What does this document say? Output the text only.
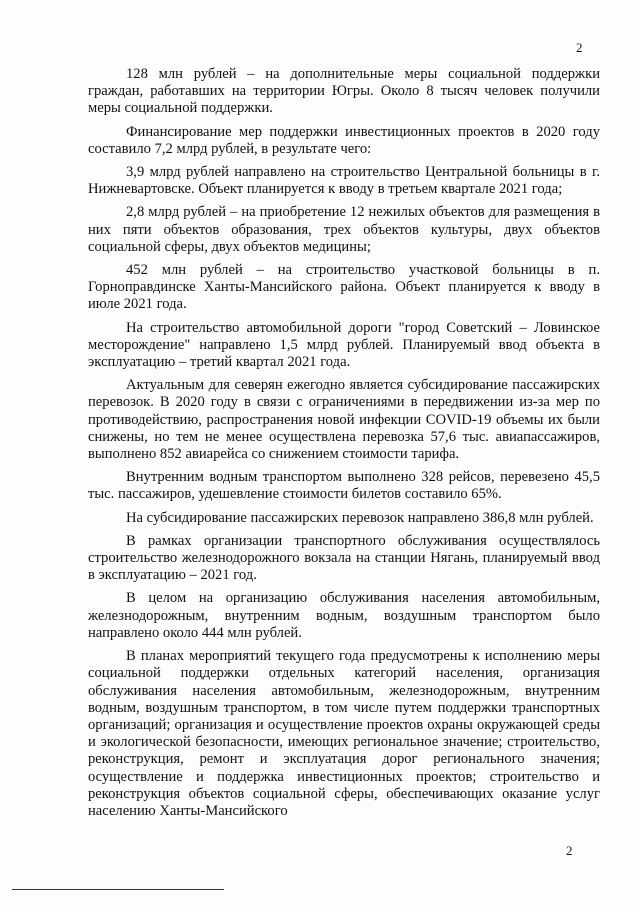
2

128 млн рублей – на дополнительные меры социальной поддержки граждан, работавших на территории Югры. Около 8 тысяч человек получили меры социальной поддержки.

Финансирование мер поддержки инвестиционных проектов в 2020 году составило 7,2 млрд рублей, в результате чего:

3,9 млрд рублей направлено на строительство Центральной больницы в г. Нижневартовске. Объект планируется к вводу в третьем квартале 2021 года;

2,8 млрд рублей – на приобретение 12 нежилых объектов для размещения в них пяти объектов образования, трех объектов культуры, двух объектов социальной сферы, двух объектов медицины;

452 млн рублей – на строительство участковой больницы в п. Горноправдинске Ханты-Мансийского района. Объект планируется к вводу в июле 2021 года.

На строительство автомобильной дороги "город Советский – Ловинское месторождение" направлено 1,5 млрд рублей. Планируемый ввод объекта в эксплуатацию – третий квартал 2021 года.

Актуальным для северян ежегодно является субсидирование пассажирских перевозок. В 2020 году в связи с ограничениями в передвижении из-за мер по противодействию, распространения новой инфекции COVID-19 объемы их были снижены, но тем не менее осуществлена перевозка 57,6 тыс. авиапассажиров, выполнено 852 авиарейса со снижением стоимости тарифа.

Внутренним водным транспортом выполнено 328 рейсов, перевезено 45,5 тыс. пассажиров, удешевление стоимости билетов составило 65%.

На субсидирование пассажирских перевозок направлено 386,8 млн рублей.

В рамках организации транспортного обслуживания осуществлялось строительство железнодорожного вокзала на станции Нягань, планируемый ввод в эксплуатацию – 2021 год.

В целом на организацию обслуживания населения автомобильным, железнодорожным, внутренним водным, воздушным транспортом было направлено около 444 млн рублей.

В планах мероприятий текущего года предусмотрены к исполнению меры социальной поддержки отдельных категорий населения, организация обслуживания населения автомобильным, железнодорожным, внутренним водным, воздушным транспортом, в том числе путем поддержки транспортных организаций; организация и осуществление проектов охраны окружающей среды и экологической безопасности, имеющих региональное значение; строительство, реконструкция, ремонт и эксплуатация дорог регионального значения; осуществление и поддержка инвестиционных проектов; строительство и реконструкция объектов социальной сферы, обеспечивающих оказание услуг населению Ханты-Мансийского

2
